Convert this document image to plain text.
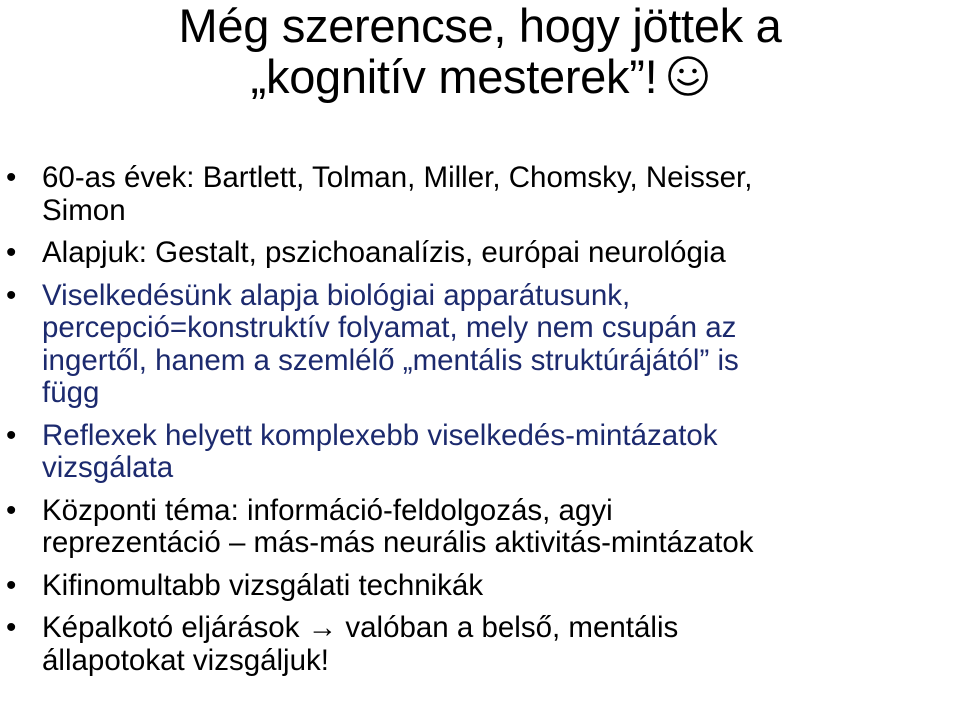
Még szerencse, hogy jöttek a
„kognitív mesterek”!
• 60-as évek: Bartlett, Tolman, Miller, Chomsky, Neisser,
Simon
• Alapjuk: Gestalt, pszichoanalízis, európai neurológia
• Viselkedésünk alapja biológiai apparátusunk,
percepció=konstruktív folyamat, mely nem csupán az
ingertől, hanem a szemlélő „mentális struktúrájától” is
függ
• Reflexek helyett komplexebb viselkedés-mintázatok
vizsgálata
• Központi téma: információ-feldolgozás, agyi
reprezentáció – más-más neurális aktivitás-mintázatok
• Kifinomultabb vizsgálati technikák
• Képalkotó eljárások → valóban a belső, mentális
állapotokat vizsgáljuk!
